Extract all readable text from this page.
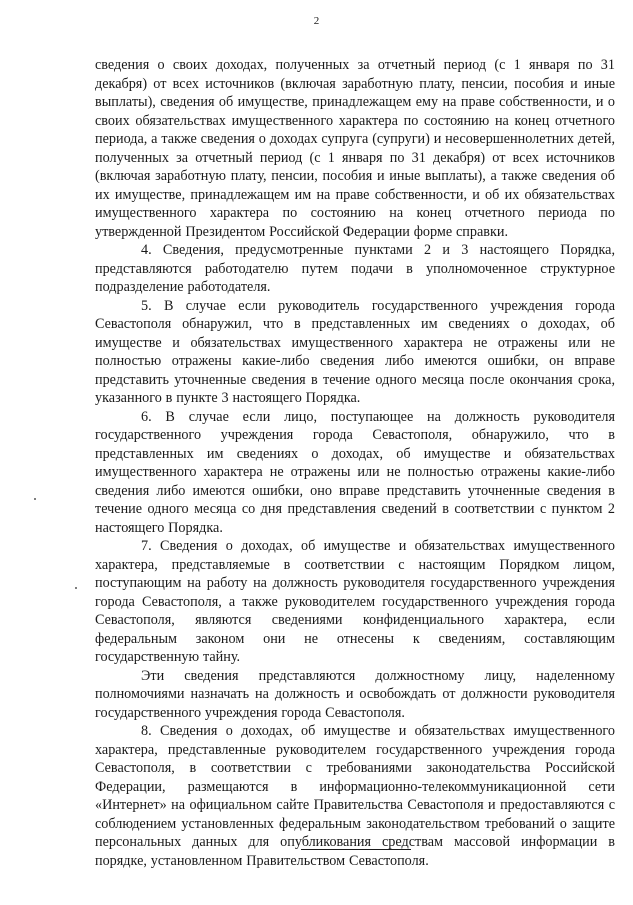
2

сведения о своих доходах, полученных за отчетный период (с 1 января по 31 декабря) от всех источников (включая заработную плату, пенсии, пособия и иные выплаты), сведения об имуществе, принадлежащем ему на праве собственности, и о своих обязательствах имущественного характера по состоянию на конец отчетного периода, а также сведения о доходах супруга (супруги) и несовершеннолетних детей, полученных за отчетный период (с 1 января по 31 декабря) от всех источников (включая заработную плату, пенсии, пособия и иные выплаты), а также сведения об их имуществе, принадлежащем им на праве собственности, и об их обязательствах имущественного характера по состоянию на конец отчетного периода по утвержденной Президентом Российской Федерации форме справки.

4. Сведения, предусмотренные пунктами 2 и 3 настоящего Порядка, представляются работодателю путем подачи в уполномоченное структурное подразделение работодателя.

5. В случае если руководитель государственного учреждения города Севастополя обнаружил, что в представленных им сведениях о доходах, об имуществе и обязательствах имущественного характера не отражены или не полностью отражены какие-либо сведения либо имеются ошибки, он вправе представить уточненные сведения в течение одного месяца после окончания срока, указанного в пункте 3 настоящего Порядка.

6. В случае если лицо, поступающее на должность руководителя государственного учреждения города Севастополя, обнаружило, что в представленных им сведениях о доходах, об имуществе и обязательствах имущественного характера не отражены или не полностью отражены какие-либо сведения либо имеются ошибки, оно вправе представить уточненные сведения в течение одного месяца со дня представления сведений в соответствии с пунктом 2 настоящего Порядка.

7. Сведения о доходах, об имуществе и обязательствах имущественного характера, представляемые в соответствии с настоящим Порядком лицом, поступающим на работу на должность руководителя государственного учреждения города Севастополя, а также руководителем государственного учреждения города Севастополя, являются сведениями конфиденциального характера, если федеральным законом они не отнесены к сведениям, составляющим государственную тайну.

Эти сведения представляются должностному лицу, наделенному полномочиями назначать на должность и освобождать от должности руководителя государственного учреждения города Севастополя.

8. Сведения о доходах, об имуществе и обязательствах имущественного характера, представленные руководителем государственного учреждения города Севастополя, в соответствии с требованиями законодательства Российской Федерации, размещаются в информационно-телекоммуникационной сети «Интернет» на официальном сайте Правительства Севастополя и предоставляются с соблюдением установленных федеральным законодательством требований о защите персональных данных для опубликования средствам массовой информации в порядке, установленном Правительством Севастополя.
